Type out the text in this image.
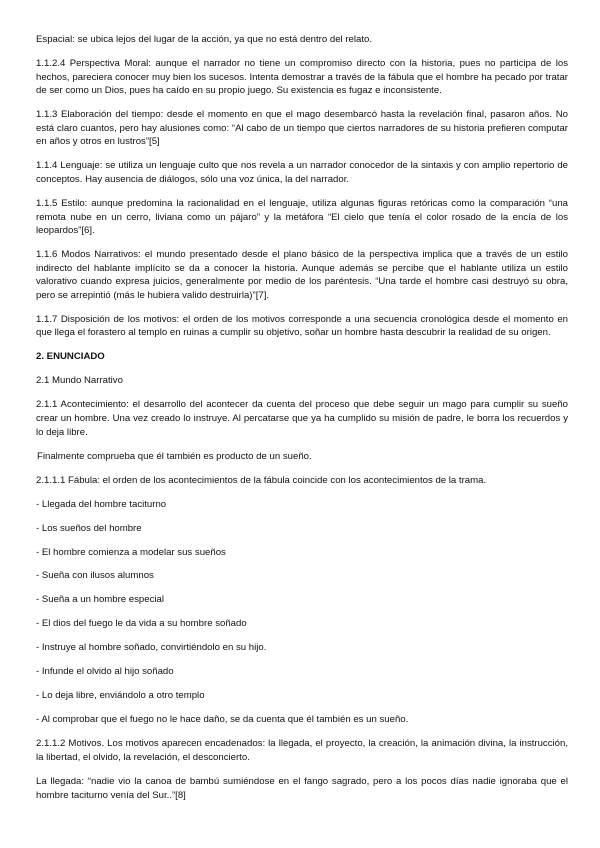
Espacial: se ubica lejos del lugar de la acción, ya que no está dentro del relato.

1.1.2.4 Perspectiva Moral: aunque el narrador no tiene un compromiso directo con la historia, pues no participa de los hechos, pareciera conocer muy bien los sucesos. Intenta demostrar a través de la fábula que el hombre ha pecado por tratar de ser como un Dios, pues ha caído en su propio juego. Su existencia es fugaz e inconsistente.

1.1.3 Elaboración del tiempo: desde el momento en que el mago desembarcó hasta la revelación final, pasaron años. No está claro cuantos, pero hay alusiones como: “Al cabo de un tiempo que ciertos narradores de su historia prefieren computar en años y otros en lustros”[5]

1.1.4 Lenguaje: se utiliza un lenguaje culto que nos revela a un narrador conocedor de la sintaxis y con amplio repertorio de conceptos. Hay ausencia de diálogos, sólo una voz única, la del narrador.

1.1.5 Estilo: aunque predomina la racionalidad en el lenguaje, utiliza algunas figuras retóricas como la comparación “una remota nube en un cerro, liviana como un pájaro” y la metáfora “El cielo que tenía el color rosado de la encía de los leopardos”[6].

1.1.6 Modos Narrativos: el mundo presentado desde el plano básico de la perspectiva implica que a través de un estilo indirecto del hablante implícito se da a conocer la historia. Aunque además se percibe que el hablante utiliza un estilo valorativo cuando expresa juicios, generalmente por medio de los paréntesis. “Una tarde el hombre casi destruyó su obra, pero se arrepintió (más le hubiera valido destruirla)”[7].

1.1.7 Disposición de los motivos: el orden de los motivos corresponde a una secuencia cronológica desde el momento en que llega el forastero al templo en ruinas a cumplir su objetivo, soñar un hombre hasta descubrir la realidad de su origen.

2. ENUNCIADO

2.1 Mundo Narrativo

2.1.1 Acontecimiento: el desarrollo del acontecer da cuenta del proceso que debe seguir un mago para cumplir su sueño crear un hombre. Una vez creado lo instruye. Al percatarse que ya ha cumplido su misión de padre, le borra los recuerdos y lo deja libre.

Finalmente comprueba que él también es producto de un sueño.

2.1.1.1 Fábula: el orden de los acontecimientos de la fábula coincide con los acontecimientos de la trama.

- Llegada del hombre taciturno

- Los sueños del hombre

- El hombre comienza a modelar sus sueños

- Sueña con ilusos alumnos

- Sueña a un hombre especial

- El dios del fuego le da vida a su hombre soñado

- Instruye al hombre soñado, convirtiéndolo en su hijo.

- Infunde el olvido al hijo soñado

- Lo deja libre, enviándolo a otro templo

- Al comprobar que el fuego no le hace daño, se da cuenta que él también es un sueño.

2.1.1.2 Motivos. Los motivos aparecen encadenados: la llegada, el proyecto, la creación, la animación divina, la instrucción, la libertad, el olvido, la revelación, el desconcierto.

La llegada: “nadie vio la canoa de bambú sumiéndose en el fango sagrado, pero a los pocos días nadie ignoraba que el hombre taciturno venía del Sur..”[8]
